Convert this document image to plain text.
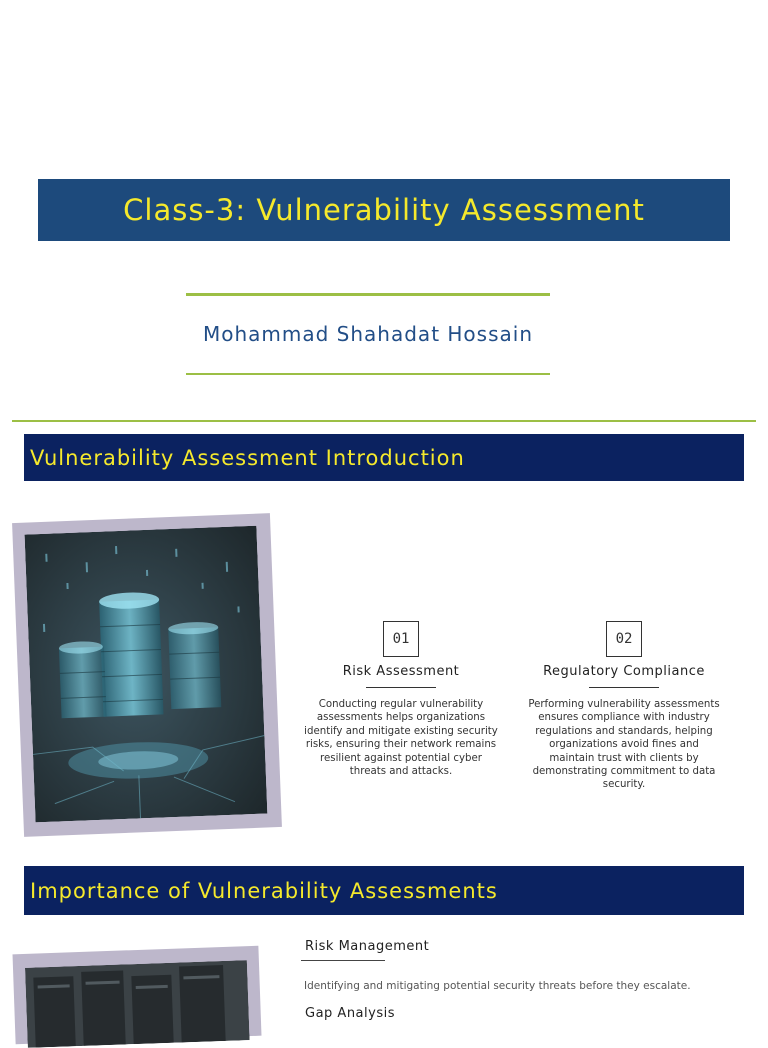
Class-3: Vulnerability Assessment
Mohammad Shahadat Hossain
Vulnerability Assessment Introduction
01
Risk Assessment
Conducting regular vulnerability assessments helps organizations identify and mitigate existing security risks, ensuring their network remains resilient against potential cyber threats and attacks.
02
Regulatory Compliance
Performing vulnerability assessments ensures compliance with industry regulations and standards, helping organizations avoid fines and maintain trust with clients by demonstrating commitment to data security.
Importance of Vulnerability Assessments
Risk Management
Identifying and mitigating potential security threats before they escalate.
Gap Analysis
